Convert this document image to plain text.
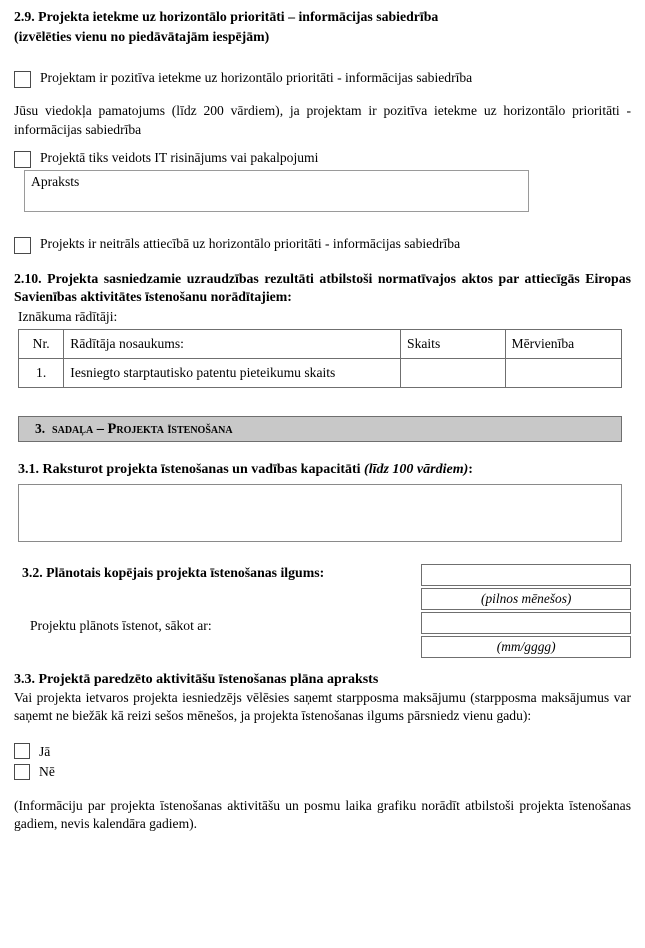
2.9. Projekta ietekme uz horizontālo prioritāti – informācijas sabiedrība
(izvēlēties vienu no piedāvātajām iespējām)
Projektam ir pozitīva ietekme uz horizontālo prioritāti - informācijas sabiedrība
Jūsu viedokļa pamatojums (līdz 200 vārdiem), ja projektam ir pozitīva ietekme uz horizontālo prioritāti - informācijas sabiedrība
Projektā tiks veidots IT risinājums vai pakalpojumi
Apraksts
Projekts ir neitrāls attiecībā uz horizontālo prioritāti - informācijas sabiedrība
2.10. Projekta sasniedzamie uzraudzības rezultāti atbilstoši normatīvajos aktos par attiecīgās Eiropas Savienības aktivitātes īstenošanu norādītajiem:
Iznākuma rādītāji:
Nr.	Rādītāja nosaukums:	Skaits	Mērvienība
1.	Iesniegto starptautisko patentu pieteikumu skaits		
3. sadaļa – Projekta īstenošana
3.1. Raksturot projekta īstenošanas un vadības kapacitāti (līdz 100 vārdiem):
3.2. Plānotais kopējais projekta īstenošanas ilgums:
Projektu plānots īstenot, sākot ar:
(pilnos mēnešos)
(mm/gggg)
3.3. Projektā paredzēto aktivitāšu īstenošanas plāna apraksts
Vai projekta ietvaros projekta iesniedzējs vēlēsies saņemt starpposma maksājumu (starpposma maksājumus var saņemt ne biežāk kā reizi sešos mēnešos, ja projekta īstenošanas ilgums pārsniedz vienu gadu):
Jā
Nē
(Informāciju par projekta īstenošanas aktivitāšu un posmu laika grafiku norādīt atbilstoši projekta īstenošanas gadiem, nevis kalendāra gadiem).
